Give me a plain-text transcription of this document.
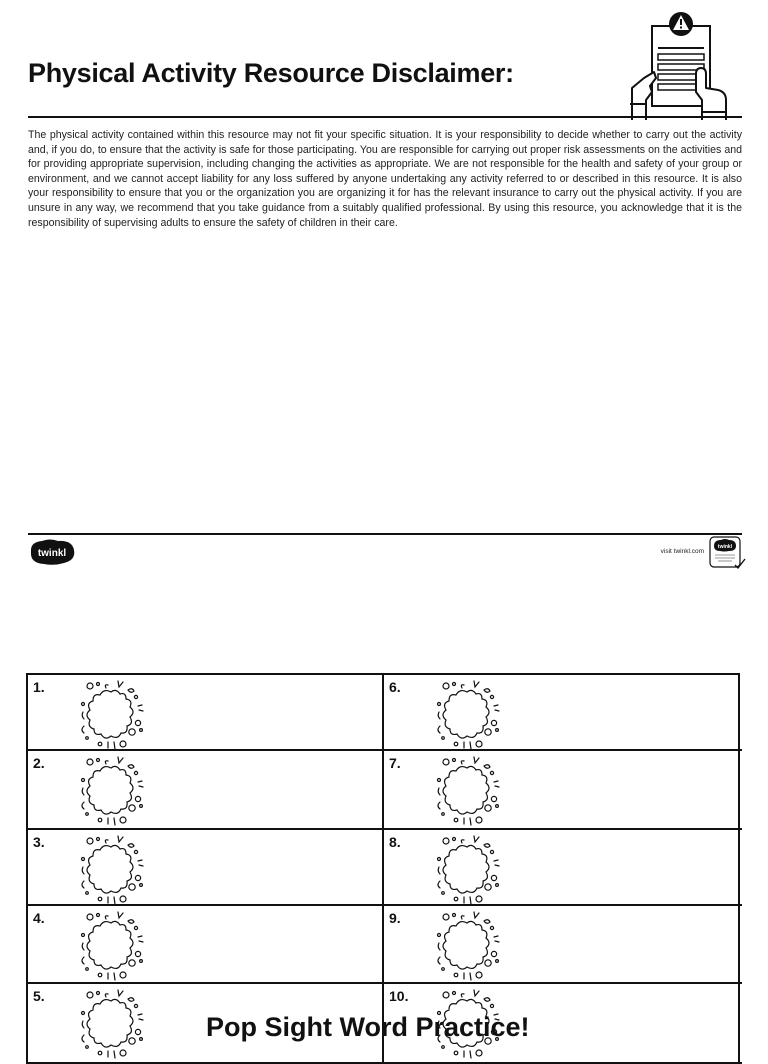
Physical Activity Resource Disclaimer:

The physical activity contained within this resource may not fit your specific situation. It is your responsibility to decide whether to carry out the activity and, if you do, to ensure that the activity is safe for those participating. You are responsible for carrying out proper risk assessments on the activities and for providing appropriate supervision, including changing the activities as appropriate. We are not responsible for the health and safety of your group or environment, and we cannot accept liability for any loss suffered by anyone undertaking any activity referred to or described in this resource. It is also your responsibility to ensure that you or the organization you are organizing it for has the relevant insurance to carry out the physical activity. If you are unsure in any way, we recommend that you take guidance from a suitably qualified professional. By using this resource, you acknowledge that it is the responsibility of supervising adults to ensure the safety of children in their care.

twinkl	visit twinkl.com
twinkl
1.	6.
2.	7.
3.	8.
4.	9.
5.	10.
Pop Sight Word Practice!
